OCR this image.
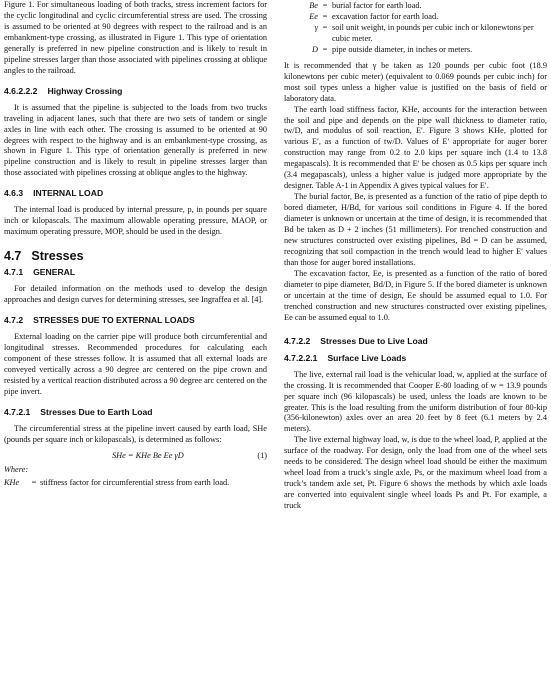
Figure 1. For simultaneous loading of both tracks, stress increment factors for the cyclic longitudinal and cyclic circumferential stress are used. The crossing is assumed to be oriented at 90 degrees with respect to the railroad and is an embankment-type crossing, as illustrated in Figure 1. This type of orientation generally is preferred in new pipeline construction and is likely to result in pipeline stresses larger than those associated with pipelines crossing at oblique angles to the railroad.

4.6.2.2.2 Highway Crossing

It is assumed that the pipeline is subjected to the loads from two trucks traveling in adjacent lanes, such that there are two sets of tandem or single axles in line with each other. The crossing is assumed to be oriented at 90 degrees with respect to the highway and is an embankment-type crossing, as shown in Figure 1. This type of orientation generally is preferred in new pipeline construction and is likely to result in pipeline stresses larger than those associated with pipelines crossing at oblique angles to the highway.

4.6.3 INTERNAL LOAD

The internal load is produced by internal pressure, p, in pounds per square inch or kilopascals. The maximum allowable operating pressure, MAOP, or maximum operating pressure, MOP, should be used in the design.

4.7 Stresses
4.7.1 GENERAL

For detailed information on the methods used to develop the design approaches and design curves for determining stresses, see Ingraffea et al. [4].

4.7.2 STRESSES DUE TO EXTERNAL LOADS

External loading on the carrier pipe will produce both circumferential and longitudinal stresses. Recommended procedures for calculating each component of these stresses follow. It is assumed that all external loads are conveyed vertically across a 90 degree arc centered on the pipe crown and resisted by a vertical reaction distributed across a 90 degree arc centered on the pipe invert.

4.7.2.1 Stresses Due to Earth Load

The circumferential stress at the pipeline invert caused by earth load, SHe (pounds per square inch or kilopascals), is determined as follows:

SHe = KHe Be Ee γD	(1)
Where:
KHe	= stiffness factor for circumferential stress from earth load.
Be = burial factor for earth load.
Ee = excavation factor for earth load.
γ = soil unit weight, in pounds per cubic inch or kilonewtons per cubic meter.
D = pipe outside diameter, in inches or meters.

It is recommended that γ be taken as 120 pounds per cubic foot (18.9 kilonewtons per cubic meter) (equivalent to 0.069 pounds per cubic inch) for most soil types unless a higher value is justified on the basis of field or laboratory data.

The earth load stiffness factor, KHe, accounts for the interaction between the soil and pipe and depends on the pipe wall thickness to diameter ratio, tw/D, and modulus of soil reaction, E′. Figure 3 shows KHe, plotted for various E′, as a function of tw/D. Values of E′ appropriate for auger borer construction may range from 0.2 to 2.0 kips per square inch (1.4 to 13.8 megapascals). It is recommended that E′ be chosen as 0.5 kips per square inch (3.4 megapascals), unless a higher value is judged more appropriate by the designer. Table A-1 in Appendix A gives typical values for E′.

The burial factor, Be, is presented as a function of the ratio of pipe depth to bored diameter, H/Bd, for various soil conditions in Figure 4. If the bored diameter is unknown or uncertain at the time of design, it is recommended that Bd be taken as D + 2 inches (51 millimeters). For trenched construction and new structures constructed over existing pipelines, Bd = D can be assumed, recognizing that soil compaction in the trench would lead to higher E′ values than those for auger bored installations.

The excavation factor, Ee, is presented as a function of the ratio of bored diameter to pipe diameter, Bd/D, in Figure 5. If the bored diameter is unknown or uncertain at the time of design, Ee should be assumed equal to 1.0. For trenched construction and new structures constructed over existing pipelines, Ee can be assumed equal to 1.0.

4.7.2.2 Stresses Due to Live Load
4.7.2.2.1 Surface Live Loads

The live, external rail load is the vehicular load, w, applied at the surface of the crossing. It is recommended that Cooper E-80 loading of w = 13.9 pounds per square inch (96 kilopascals) be used, unless the loads are known to be greater. This is the load resulting from the uniform distribution of four 80-kip (356-kilonewton) axles over an area 20 feet by 8 feet (6.1 meters by 2.4 meters).

The live external highway load, w, is due to the wheel load, P, applied at the surface of the roadway. For design, only the load from one of the wheel sets needs to be considered. The design wheel load should be either the maximum wheel load from a truck’s single axle, Ps, or the maximum wheel load from a truck’s tandem axle set, Pt. Figure 6 shows the methods by which axle loads are converted into equivalent single wheel loads Ps and Pt. For example, a truck
